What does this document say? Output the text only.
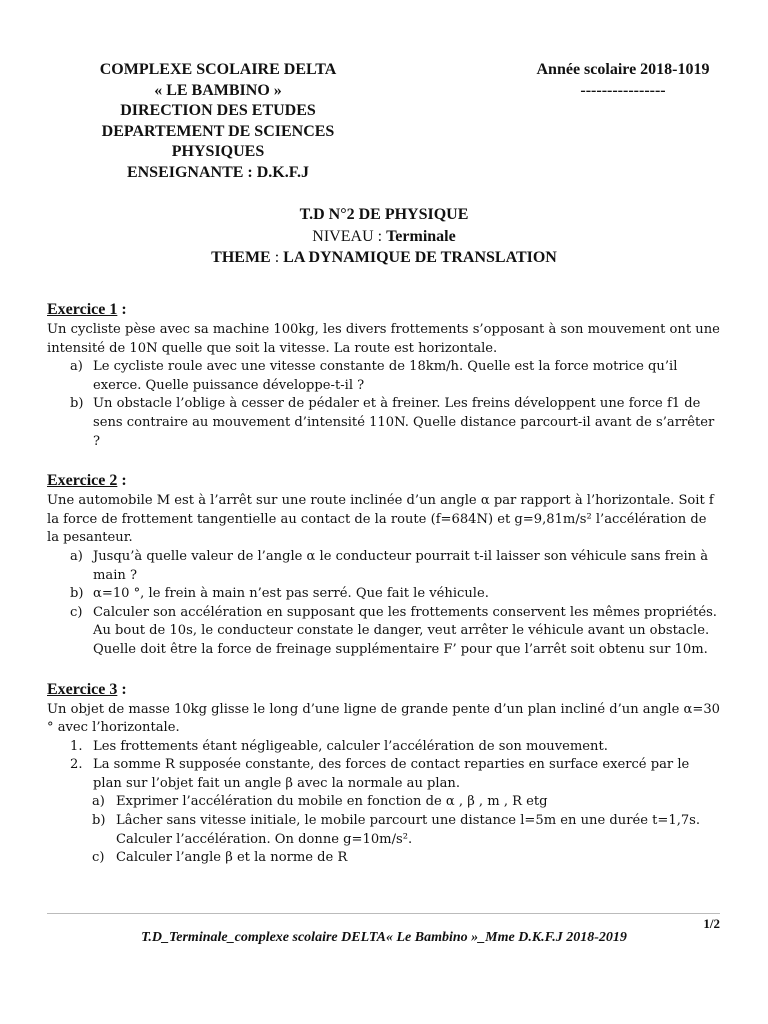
COMPLEXE SCOLAIRE DELTA
« LE BAMBINO »
DIRECTION DES ETUDES
DEPARTEMENT DE SCIENCES
PHYSIQUES
ENSEIGNANTE : D.K.F.J
Année scolaire 2018-1019
----------------
T.D N°2 DE PHYSIQUE
NIVEAU : Terminale
THEME : LA DYNAMIQUE DE TRANSLATION
Exercice 1 :

Un cycliste pèse avec sa machine 100kg, les divers frottements s’opposant à son mouvement ont une intensité de 10N quelle que soit la vitesse. La route est horizontale.

a) Le cycliste roule avec une vitesse constante de 18km/h. Quelle est la force motrice qu’il exerce. Quelle puissance développe-t-il ?
b) Un obstacle l’oblige à cesser de pédaler et à freiner. Les freins développent une force f1 de sens contraire au mouvement d’intensité 110N. Quelle distance parcourt-il avant de s’arrêter ?
Exercice 2 :

Une automobile M est à l’arrêt sur une route inclinée d’un angle α par rapport à l’horizontale. Soit f la force de frottement tangentielle au contact de la route (f=684N) et g=9,81m/s² l’accélération de la pesanteur.

a) Jusqu’à quelle valeur de l’angle α le conducteur pourrait t-il laisser son véhicule sans frein à main ?
b) α=10 °, le frein à main n’est pas serré. Que fait le véhicule.
c) Calculer son accélération en supposant que les frottements conservent les mêmes propriétés. Au bout de 10s, le conducteur constate le danger, veut arrêter le véhicule avant un obstacle. Quelle doit être la force de freinage supplémentaire F’ pour que l’arrêt soit obtenu sur 10m.
Exercice 3 :

Un objet de masse 10kg glisse le long d’une ligne de grande pente d’un plan incliné d’un angle α=30 ° avec l’horizontale.

1. Les frottements étant négligeable, calculer l’accélération de son mouvement.
2. La somme R supposée constante, des forces de contact reparties en surface exercé par le plan sur l’objet fait un angle β avec la normale au plan.
a) Exprimer l’accélération du mobile en fonction de α , β , m , R etg
b) Lâcher sans vitesse initiale, le mobile parcourt une distance l=5m en une durée t=1,7s. Calculer l’accélération. On donne g=10m/s².
c) Calculer l’angle β et la norme de R
1/2
T.D_Terminale_complexe scolaire DELTA« Le Bambino »_Mme D.K.F.J 2018-2019
